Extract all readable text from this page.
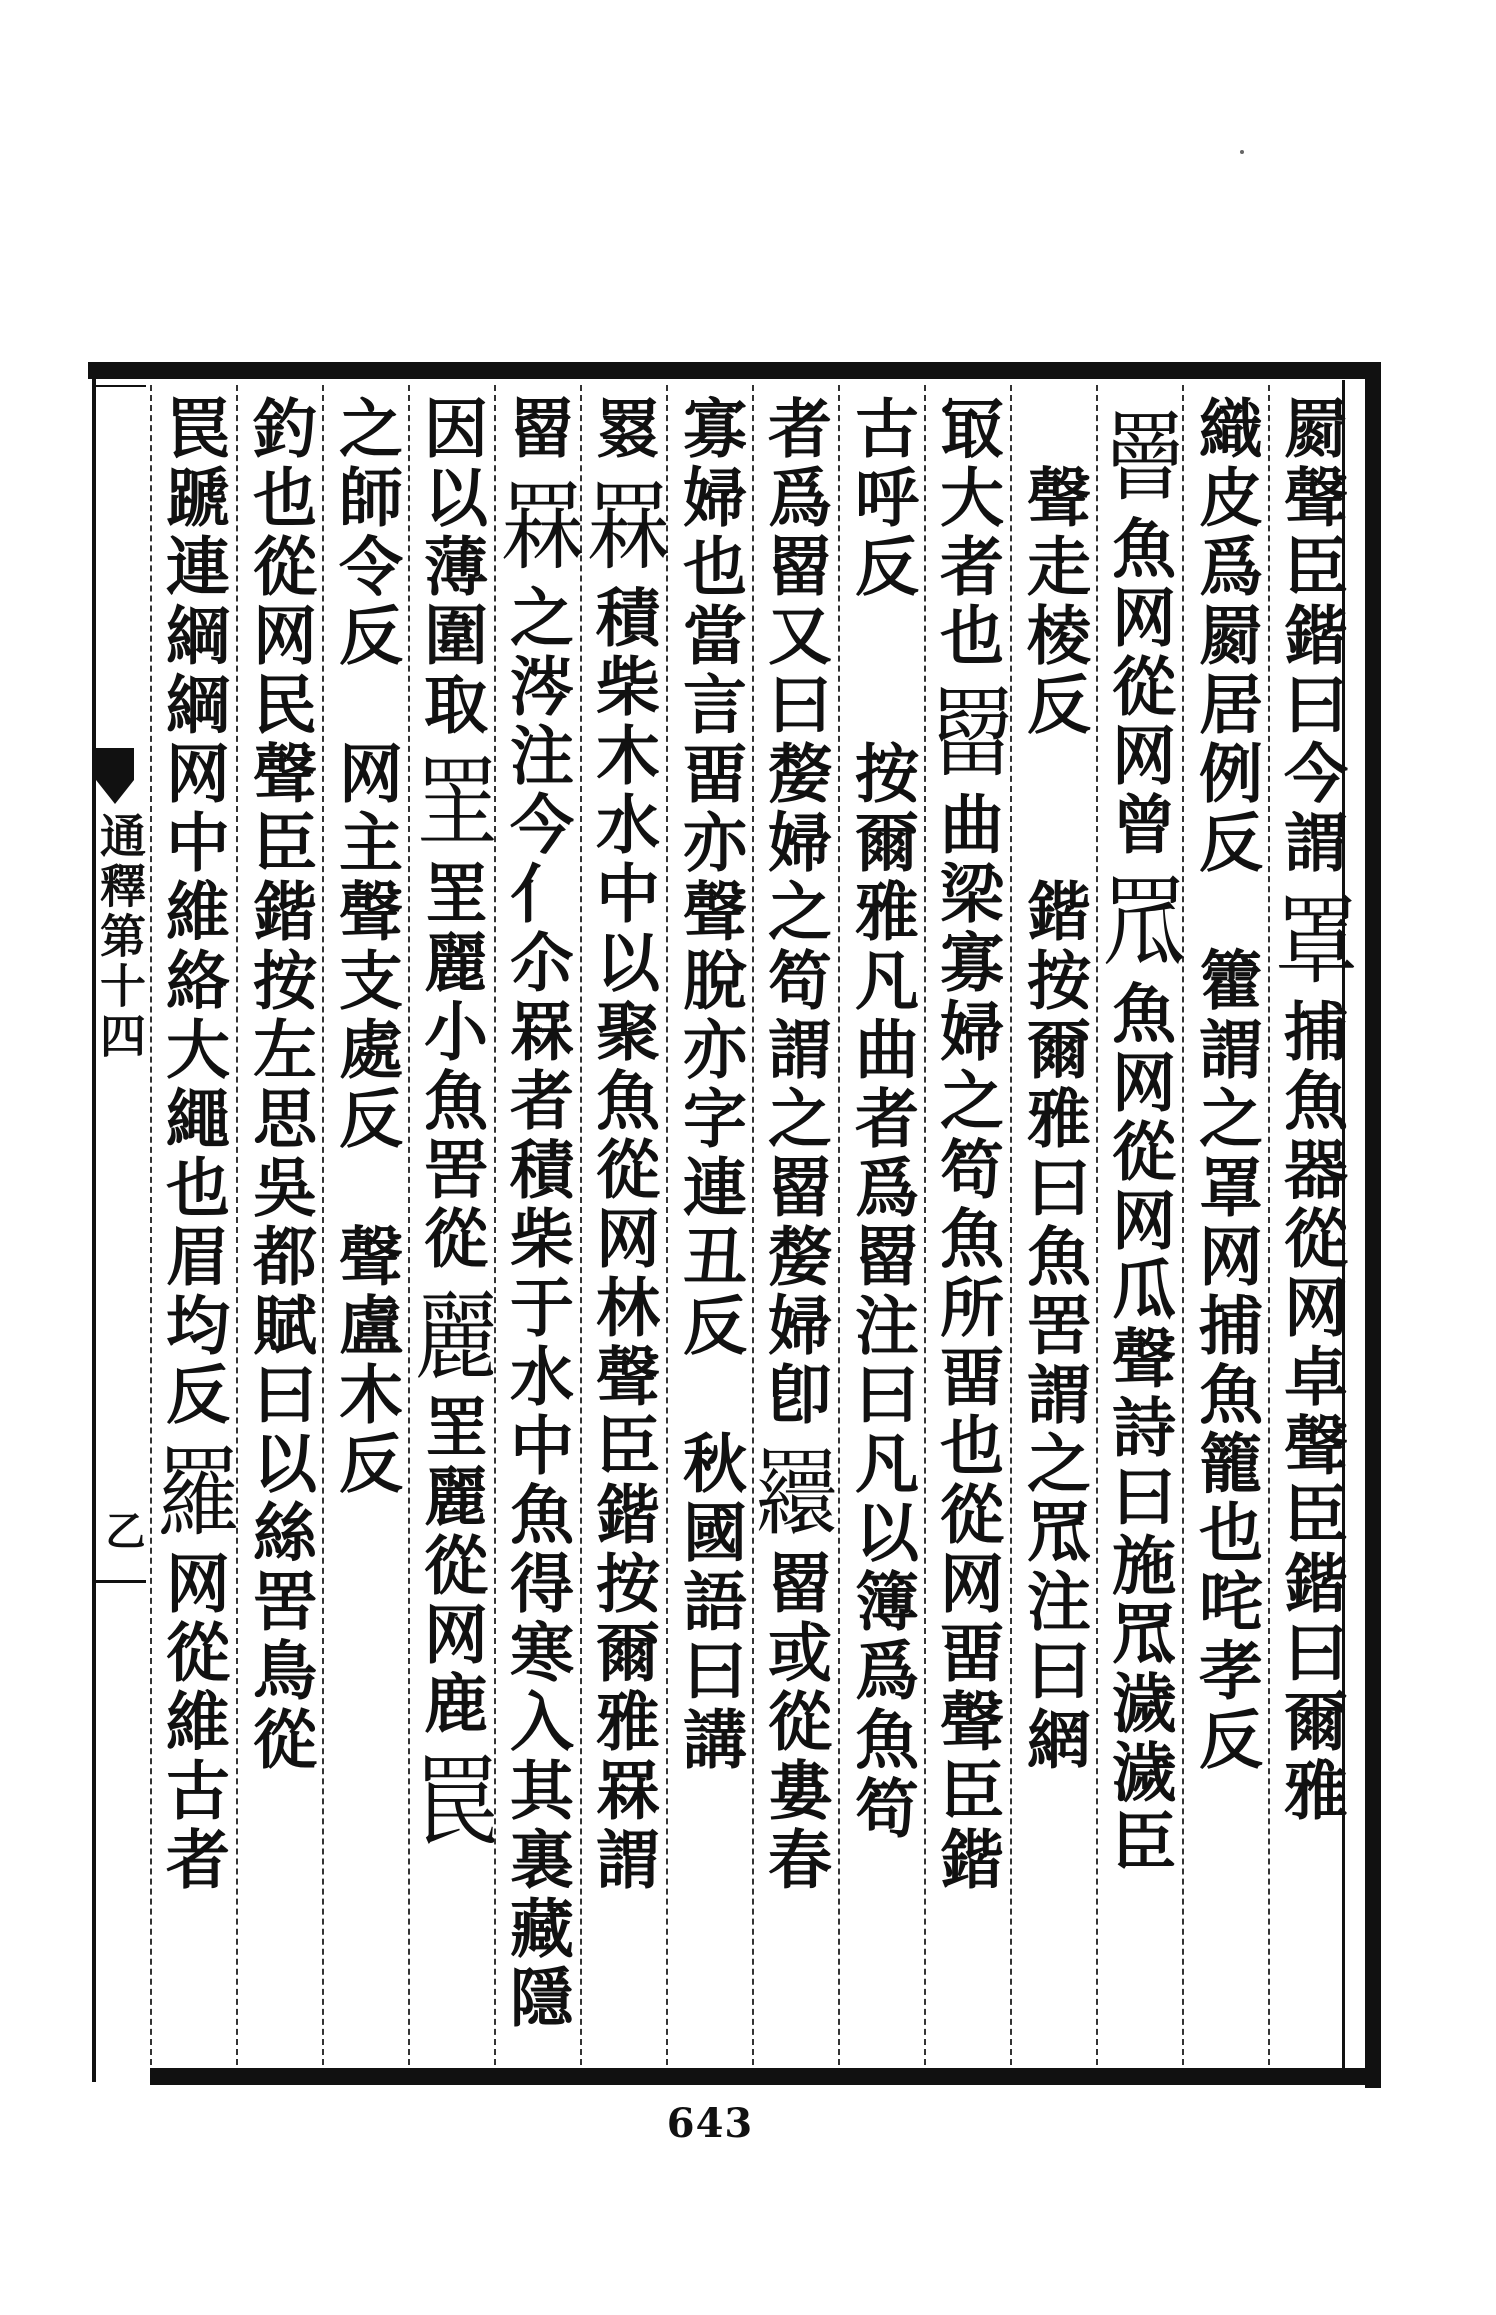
通釋第十四
乙
罽聲臣鍇曰今謂罩捕魚器從网卓聲臣鍇曰爾雅
織皮爲罽居例反　籗謂之罩网捕魚籠也咤孝反
罾魚网從网曾罛魚网從网瓜聲詩曰施罛濊濊臣
　聲走棱反　　鍇按爾雅曰魚罟謂之罛注曰網
冣大者也罶曲梁寡婦之笱魚所畱也從网畱聲臣鍇
古呼反　　按爾雅凡曲者爲罶注曰凡以簿爲魚笱
者爲罶又曰嫠婦之笱謂之罶嫠婦卽𦌾罶或從婁春
寡婦也當言畱亦聲脫亦字連丑反　秋國語曰講
罬罧積柴木水中以聚魚從网林聲臣鍇按爾雅罧謂
罶罧之涔注今亻尒罧者積柴于水中魚得寒入其裏藏隱
因以薄圍取罜罜麗小魚罟從麗罜麗從网鹿罠
之師令反　网主聲支處反　聲盧木反
釣也從网民聲臣鍇按左思吳都賦曰以絲罟鳥從
罠蹏連綱綱网中維絡大繩也眉均反羅网從維古者
643
